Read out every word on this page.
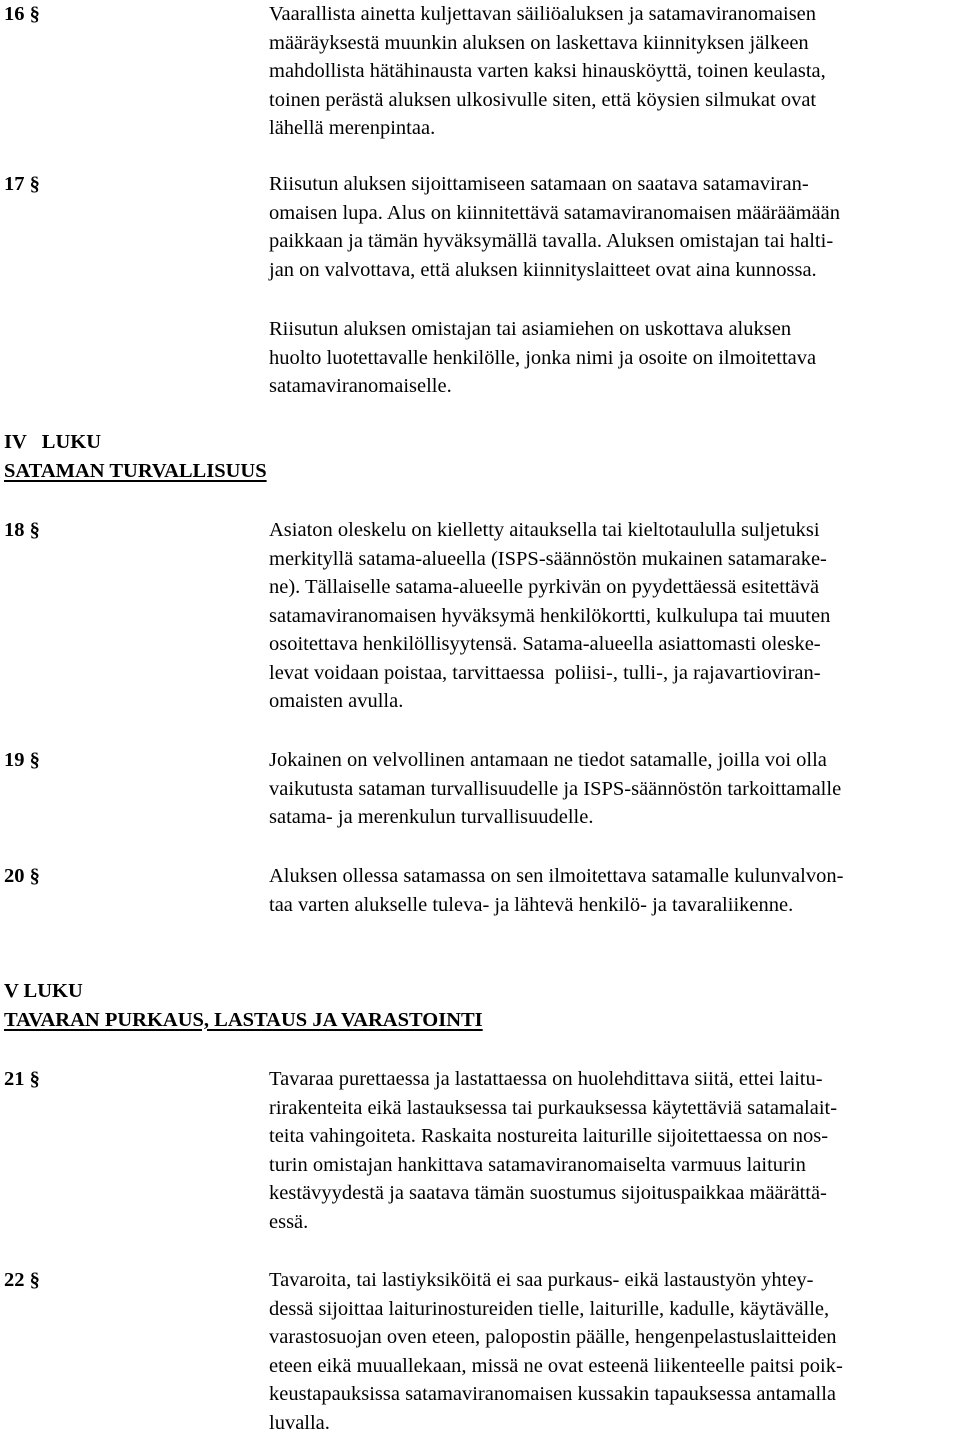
16 §	Vaarallista ainetta kuljettavan säiliöaluksen ja satamaviranomaisen
määräyksestä muunkin aluksen on laskettava kiinnityksen jälkeen
mahdollista hätähinausta varten kaksi hinausköyttä, toinen keulasta,
toinen perästä aluksen ulkosivulle siten, että köysien silmukat ovat
lähellä merenpintaa.
17 §	Riisutun aluksen sijoittamiseen satamaan on saatava satamaviran-
omaisen lupa. Alus on kiinnitettävä satamaviranomaisen määräämään
paikkaan ja tämän hyväksymällä tavalla. Aluksen omistajan tai halti-
jan on valvottava, että aluksen kiinnityslaitteet ovat aina kunnossa.
Riisutun aluksen omistajan tai asiamiehen on uskottava aluksen
huolto luotettavalle henkilölle, jonka nimi ja osoite on ilmoitettava
satamaviranomaiselle.
IV   LUKU
SATAMAN TURVALLISUUS
18 §	Asiaton oleskelu on kielletty aitauksella tai kieltotaululla suljetuksi
merkityllä satama-alueella (ISPS-säännöstön mukainen satamarake-
ne). Tällaiselle satama-alueelle pyrkivän on pyydettäessä esitettävä
satamaviranomaisen hyväksymä henkilökortti, kulkulupa tai muuten
osoitettava henkilöllisyytensä. Satama-alueella asiattomasti oleske-
levat voidaan poistaa, tarvittaessa  poliisi-, tulli-, ja rajavartioviran-
omaisten avulla.
19 §	Jokainen on velvollinen antamaan ne tiedot satamalle, joilla voi olla
vaikutusta sataman turvallisuudelle ja ISPS-säännöstön tarkoittamalle
satama- ja merenkulun turvallisuudelle.
20 §	Aluksen ollessa satamassa on sen ilmoitettava satamalle kulunvalvon-
taa varten alukselle tuleva- ja lähtevä henkilö- ja tavaraliikenne.
V LUKU
TAVARAN PURKAUS, LASTAUS JA VARASTOINTI
21 §	Tavaraa purettaessa ja lastattaessa on huolehdittava siitä, ettei laitu-
rirakenteita eikä lastauksessa tai purkauksessa käytettäviä satamalait-
teita vahingoiteta. Raskaita nostureita laiturille sijoitettaessa on nos-
turin omistajan hankittava satamaviranomaiselta varmuus laiturin
kestävyydestä ja saatava tämän suostumus sijoituspaikkaa määrättä-
essä.
22 §	Tavaroita, tai lastiyksiköitä ei saa purkaus- eikä lastaustyön yhtey-
dessä sijoittaa laiturinostureiden tielle, laiturille, kadulle, käytävälle,
varastosuojan oven eteen, palopostin päälle, hengenpelastuslaitteiden
eteen eikä muuallekaan, missä ne ovat esteenä liikenteelle paitsi poik-
keustapauksissa satamaviranomaisen kussakin tapauksessa antamalla
luvalla.
